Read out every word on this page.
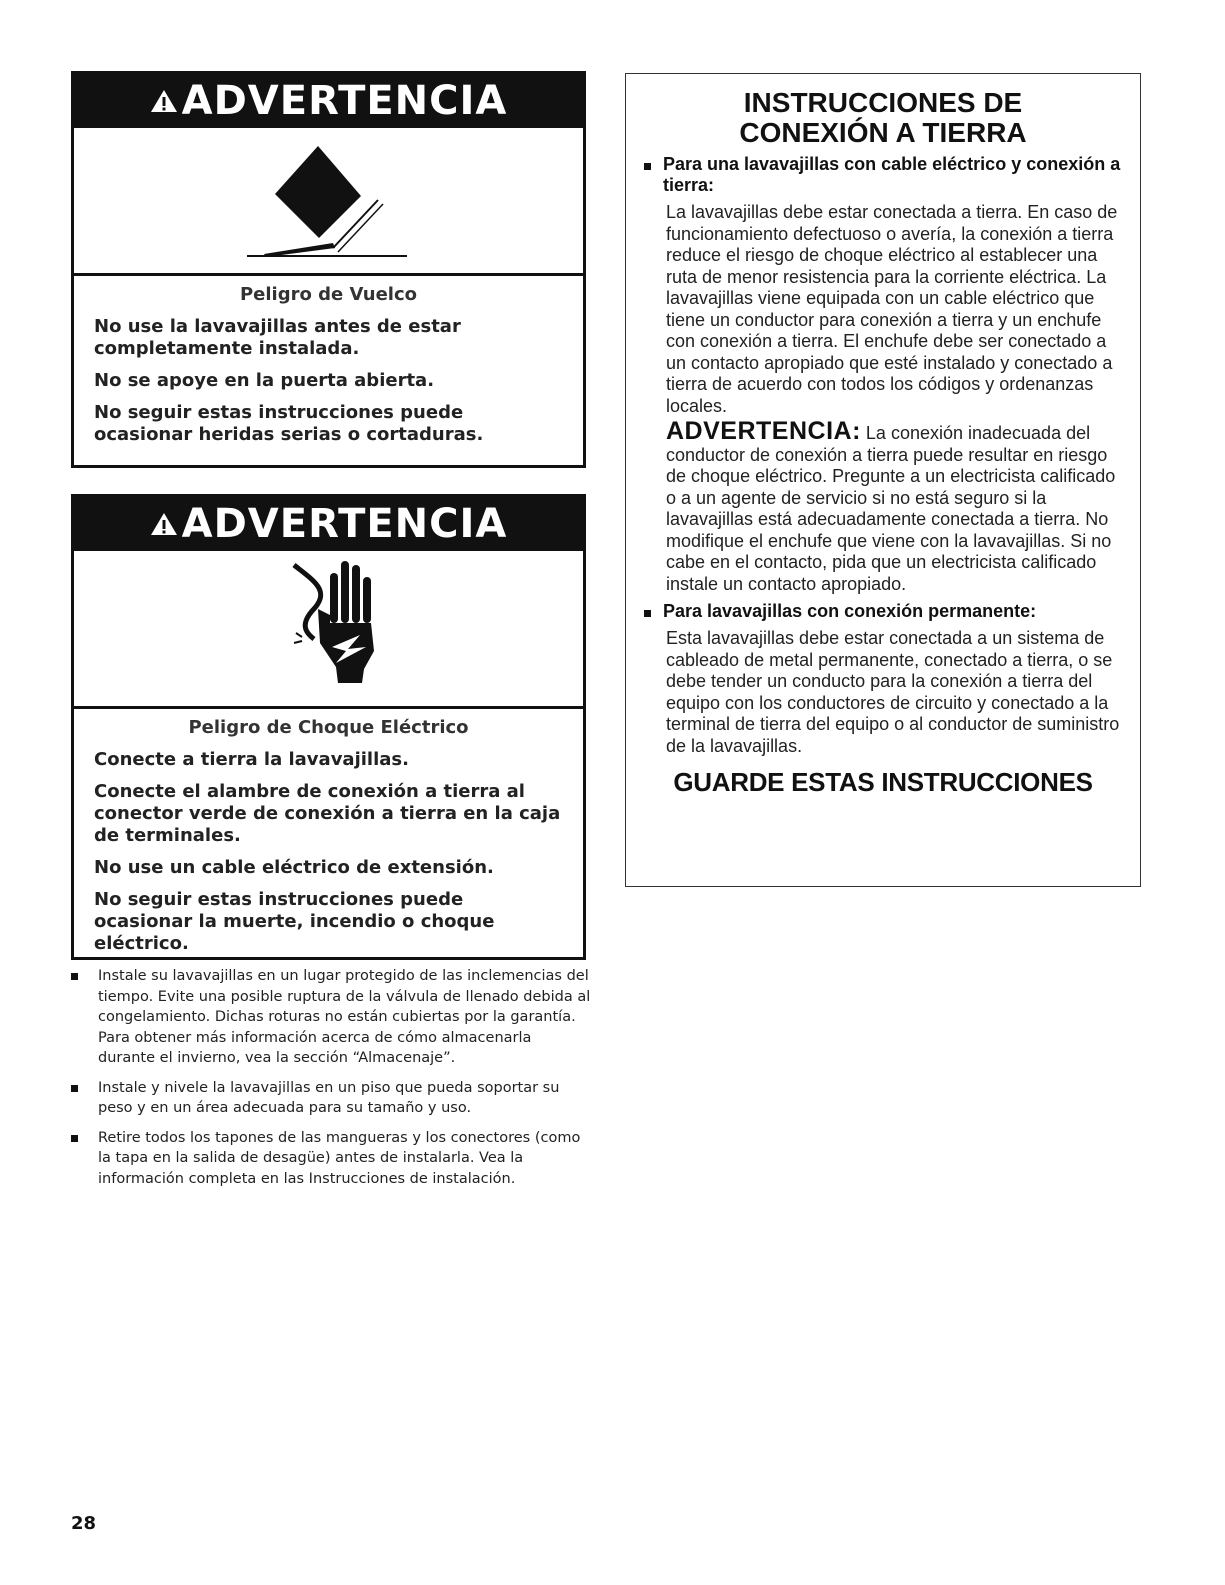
ADVERTENCIA
Peligro de Vuelco

No use la lavavajillas antes de estar completamente instalada.

No se apoye en la puerta abierta.

No seguir estas instrucciones puede ocasionar heridas serias o cortaduras.

ADVERTENCIA
Peligro de Choque Eléctrico

Conecte a tierra la lavavajillas.

Conecte el alambre de conexión a tierra al conector verde de conexión a tierra en la caja de terminales.

No use un cable eléctrico de extensión.

No seguir estas instrucciones puede ocasionar la muerte, incendio o choque eléctrico.

Instale su lavavajillas en un lugar protegido de las inclemencias del tiempo. Evite una posible ruptura de la válvula de llenado debida al congelamiento. Dichas roturas no están cubiertas por la garantía. Para obtener más información acerca de cómo almacenarla durante el invierno, vea la sección “Almacenaje”.
Instale y nivele la lavavajillas en un piso que pueda soportar su peso y en un área adecuada para su tamaño y uso.
Retire todos los tapones de las mangueras y los conectores (como la tapa en la salida de desagüe) antes de instalarla. Vea la información completa en las Instrucciones de instalación.
INSTRUCCIONES DE
CONEXIÓN A TIERRA
Para una lavavajillas con cable eléctrico y conexión a tierra:
La lavavajillas debe estar conectada a tierra. En caso de funcionamiento defectuoso o avería, la conexión a tierra reduce el riesgo de choque eléctrico al establecer una ruta de menor resistencia para la corriente eléctrica. La lavavajillas viene equipada con un cable eléctrico que tiene un conductor para conexión a tierra y un enchufe con conexión a tierra. El enchufe debe ser conectado a un contacto apropiado que esté instalado y conectado a tierra de acuerdo con todos los códigos y ordenanzas locales.
ADVERTENCIA: La conexión inadecuada del conductor de conexión a tierra puede resultar en riesgo de choque eléctrico. Pregunte a un electricista calificado o a un agente de servicio si no está seguro si la lavavajillas está adecuadamente conectada a tierra. No modifique el enchufe que viene con la lavavajillas. Si no cabe en el contacto, pida que un electricista calificado instale un contacto apropiado.
Para lavavajillas con conexión permanente:
Esta lavavajillas debe estar conectada a un sistema de cableado de metal permanente, conectado a tierra, o se debe tender un conducto para la conexión a tierra del equipo con los conductores de circuito y conectado a la terminal de tierra del equipo o al conductor de suministro de la lavavajillas.
GUARDE ESTAS INSTRUCCIONES
28
